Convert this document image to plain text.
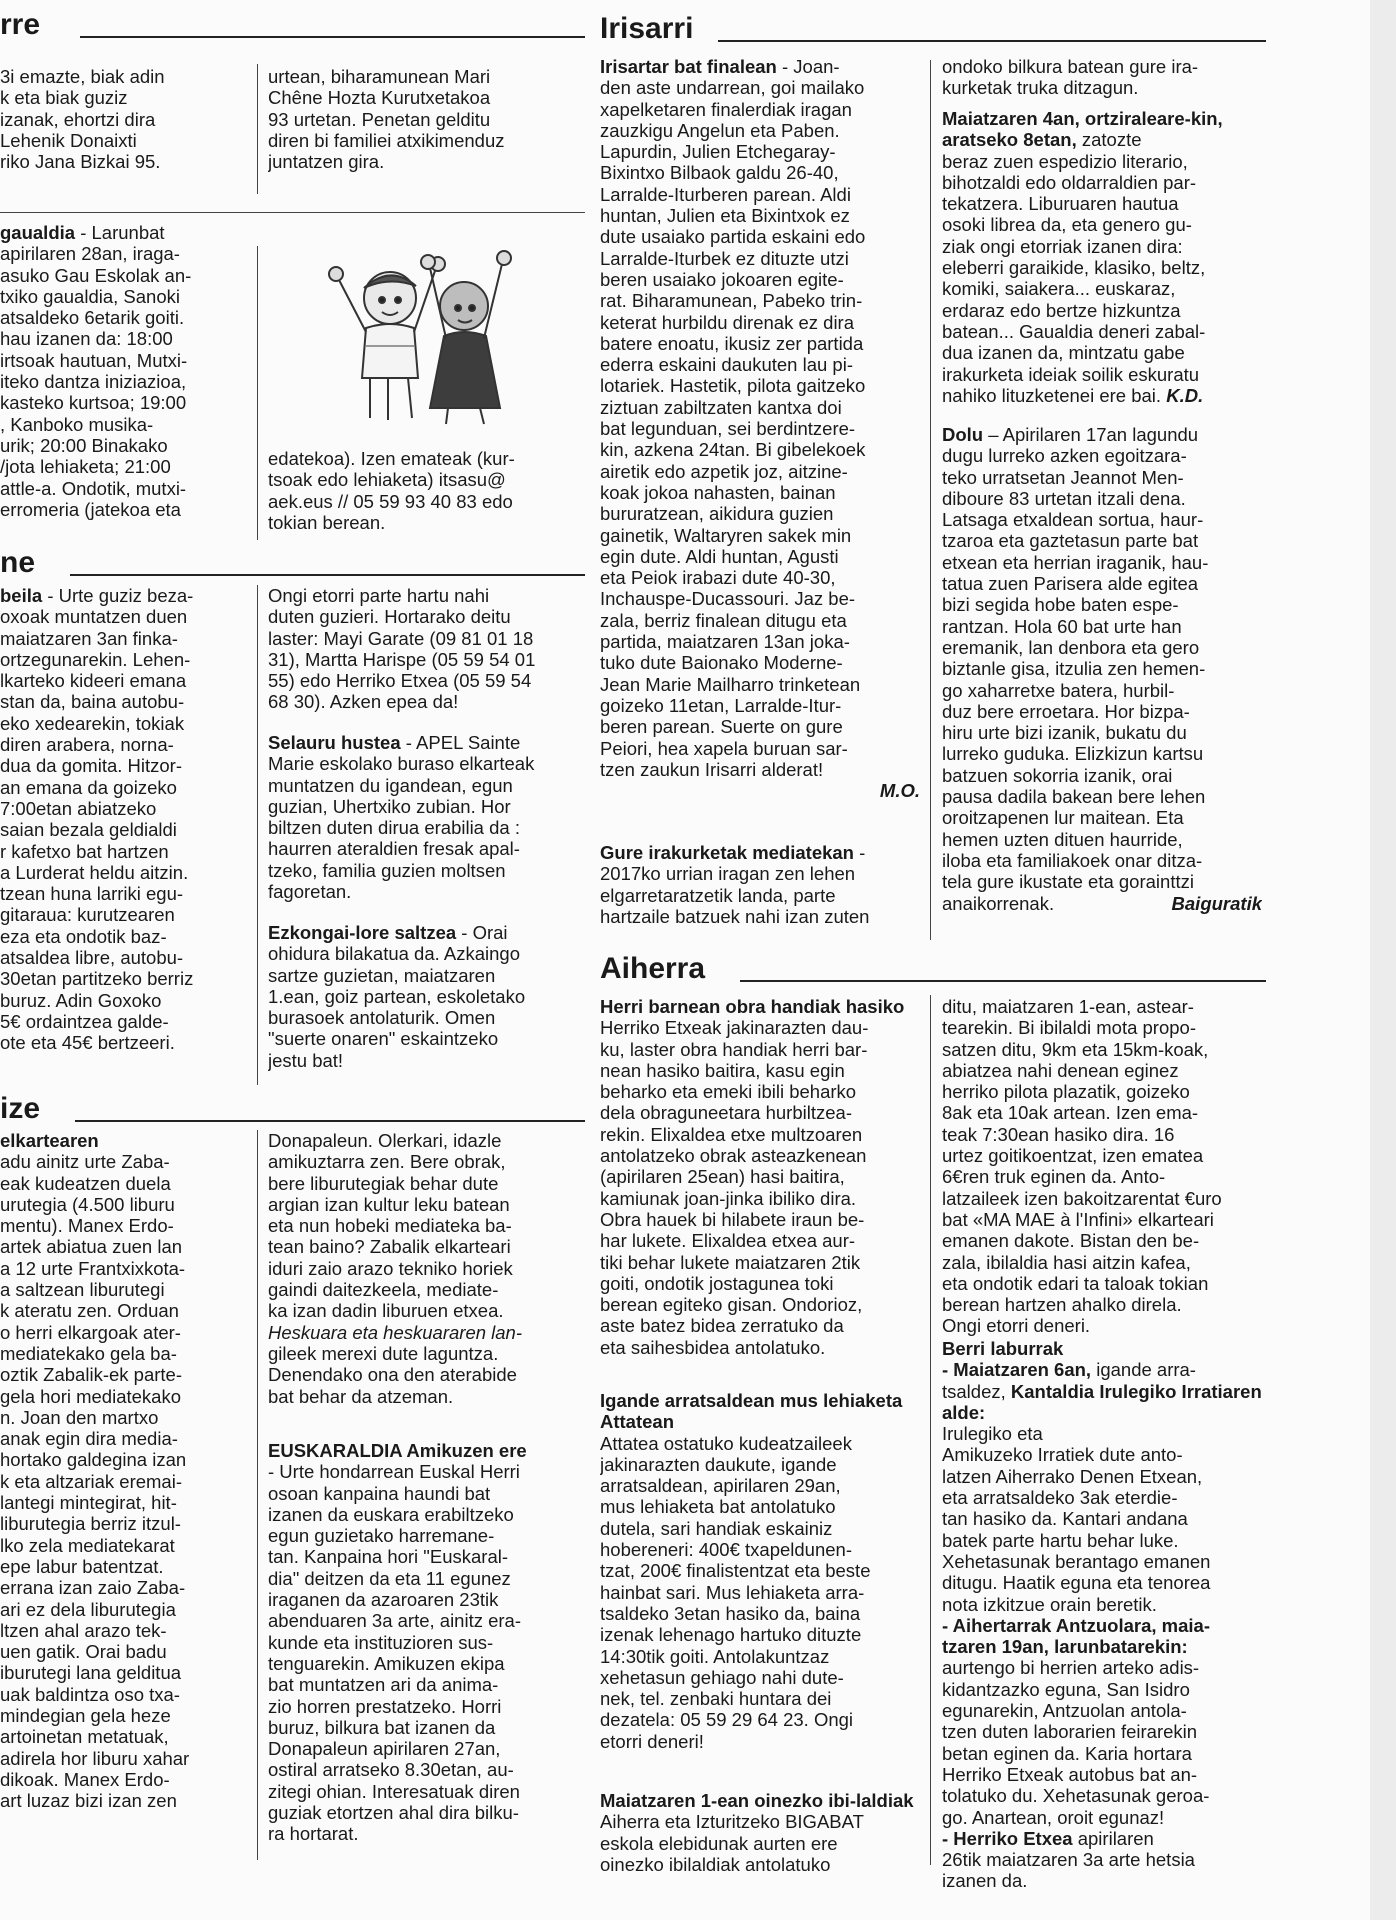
rre
ne
ize
Irisarri
Aiherra

3i emazte, biak adin

k eta biak guziz

izanak, ehortzi dira

Lehenik Donaixti

riko Jana Bizkai 95.

gaualdia - Larunbat
apirilaren 28an, iraga-
asuko Gau Eskolak an-
txiko gaualdia, Sanoki
atsaldeko 6etarik goiti.
hau izanen da: 18:00
irtsoak hautuan, Mutxi-
iteko dantza iniziazioa,
kasteko kurtsoa; 19:00
, Kanboko musika-
urik; 20:00 Binakako
/jota lehiaketa; 21:00
attle-a. Ondotik, mutxi-
erromeria (jatekoa eta
beila - Urte guziz beza-
oxoak muntatzen duen
maiatzaren 3an finka-
ortzegunarekin. Lehen-
lkarteko kideeri emana
stan da, baina autobu-
eko xedearekin, tokiak
diren arabera, norna-
dua da gomita. Hitzor-
an emana da goizeko
7:00etan abiatzeko
saian bezala geldialdi
r kafetxo bat hartzen
a Lurderat heldu aitzin.
tzean huna larriki egu-
gitaraua: kurutzearen
eza eta ondotik baz-
atsaldea libre, autobu-
30etan partitzeko berriz
buruz. Adin Goxoko
5€ ordaintzea galde-
ote eta 45€ bertzeeri.
elkartearen
adu ainitz urte Zaba-
eak kudeatzen duela
urutegia (4.500 liburu
mentu). Manex Erdo-
artek abiatua zuen lan
a 12 urte Frantxixkota-
a saltzean liburutegi
k ateratu zen. Orduan
o herri elkargoak ater-
mediatekako gela ba-
oztik Zabalik-ek parte-
gela hori mediatekako
n. Joan den martxo
anak egin dira media-
hortako galdegina izan
k eta altzariak eremai-
lantegi mintegirat, hit-
liburutegia berriz itzul-
lko zela mediatekarat
epe labur batentzat.
errana izan zaio Zaba-
ari ez dela liburutegia
ltzen ahal arazo tek-
uen gatik. Orai badu
iburutegi lana gelditua
uak baldintza oso txa-
mindegian gela heze
artoinetan metatuak,
adirela hor liburu xahar
dikoak. Manex Erdo-
art luzaz bizi izan zen
urtean, biharamunean Mari
Chêne Hozta Kurutxetakoa
93 urtetan. Penetan gelditu
diren bi familiei atxikimenduz
juntatzen gira.
edatekoa). Izen emateak (kur-
tsoak edo lehiaketa) itsasu@
aek.eus // 05 59 93 40 83 edo
tokian berean.
Ongi etorri parte hartu nahi
duten guzieri. Hortarako deitu
laster: Mayi Garate (09 81 01 18
31), Martta Harispe (05 59 54 01
55) edo Herriko Etxea (05 59 54
68 30). Azken epea da!
Selauru hustea - APEL Sainte
Marie eskolako buraso elkarteak
muntatzen du igandean, egun
guzian, Uhertxiko zubian. Hor
biltzen duten dirua erabilia da :
haurren ateraldien fresak apal-
tzeko, familia guzien moltsen
fagoretan.
Ezkongai-lore saltzea - Orai
ohidura bilakatua da. Azkaingo
sartze guzietan, maiatzaren
1.ean, goiz partean, eskoletako
burasoek antolaturik. Omen
"suerte onaren" eskaintzeko
jestu bat!
Donapaleun. Olerkari, idazle
amikuztarra zen. Bere obrak,
bere liburutegiak behar dute
argian izan kultur leku batean
eta nun hobeki mediateka ba-
tean baino? Zabalik elkarteari
iduri zaio arazo tekniko horiek
gaindi daitezkeela, mediate-
ka izan dadin liburuen etxea.
Heskuara eta heskuararen lan-
gileek merexi dute laguntza.
Denendako ona den aterabide
bat behar da atzeman.
EUSKARALDIA Amikuzen ere
- Urte hondarrean Euskal Herri
osoan kanpaina haundi bat
izanen da euskara erabiltzeko
egun guzietako harremane-
tan. Kanpaina hori "Euskaral-
dia" deitzen da eta 11 egunez
iraganen da azaroaren 23tik
abenduaren 3a arte, ainitz era-
kunde eta instituzioren sus-
tenguarekin. Amikuzen ekipa
bat muntatzen ari da anima-
zio horren prestatzeko. Horri
buruz, bilkura bat izanen da
Donapaleun apirilaren 27an,
ostiral arratseko 8.30etan, au-
zitegi ohian. Interesatuak diren
guziak etortzen ahal dira bilku-
ra hortarat.
Irisartar bat finalean - Joan-
den aste undarrean, goi mailako
xapelketaren finalerdiak iragan
zauzkigu Angelun eta Paben.
Lapurdin, Julien Etchegaray-
Bixintxo Bilbaok galdu 26-40,
Larralde-Iturberen parean. Aldi
huntan, Julien eta Bixintxok ez
dute usaiako partida eskaini edo
Larralde-Iturbek ez dituzte utzi
beren usaiako jokoaren egite-
rat. Biharamunean, Pabeko trin-
keterat hurbildu direnak ez dira
batere enoatu, ikusiz zer partida
ederra eskaini daukuten lau pi-
lotariek. Hastetik, pilota gaitzeko
ziztuan zabiltzaten kantxa doi
bat legunduan, sei berdintzere-
kin, azkena 24tan. Bi gibelekoek
airetik edo azpetik joz, aitzine-
koak jokoa nahasten, bainan
bururatzean, aikidura guzien
gainetik, Waltaryren sakek min
egin dute. Aldi huntan, Agusti
eta Peiok irabazi dute 40-30,
Inchauspe-Ducassouri. Jaz be-
zala, berriz finalean ditugu eta
partida, maiatzaren 13an joka-
tuko dute Baionako Moderne-
Jean Marie Mailharro trinketean
goizeko 11etan, Larralde-Itur-
beren parean. Suerte on gure
Peiori, hea xapela buruan sar-
tzen zaukun Irisarri alderat!
M.O.
Gure irakurketak mediatekan -
2017ko urrian iragan zen lehen
elgarretaratzetik landa, parte
hartzaile batzuek nahi izan zuten
Herri barnean obra handiak hasiko
Herriko Etxeak jakinarazten dau-
ku, laster obra handiak herri bar-
nean hasiko baitira, kasu egin
beharko eta emeki ibili beharko
dela obraguneetara hurbiltzea-
rekin. Elixaldea etxe multzoaren
antolatzeko obrak asteazkenean
(apirilaren 25ean) hasi baitira,
kamiunak joan-jinka ibiliko dira.
Obra hauek bi hilabete iraun be-
har lukete. Elixaldea etxea aur-
tiki behar lukete maiatzaren 2tik
goiti, ondotik jostagunea toki
berean egiteko gisan. Ondorioz,
aste batez bidea zerratuko da
eta saihesbidea antolatuko.
Igande arratsaldean mus lehiaketa Attatean
Attatea ostatuko kudeatzaileek
jakinarazten daukute, igande
arratsaldean, apirilaren 29an,
mus lehiaketa bat antolatuko
dutela, sari handiak eskainiz
hobereneri: 400€ txapeldunen-
tzat, 200€ finalistentzat eta beste
hainbat sari. Mus lehiaketa arra-
tsaldeko 3etan hasiko da, baina
izenak lehenago hartuko dituzte
14:30tik goiti. Antolakuntzaz
xehetasun gehiago nahi dute-
nek, tel. zenbaki huntara dei
dezatela: 05 59 29 64 23. Ongi
etorri deneri!
Maiatzaren 1-ean oinezko ibi-laldiak
Aiherra eta Izturitzeko BIGABAT
eskola elebidunak aurten ere
oinezko ibilaldiak antolatuko
ondoko bilkura batean gure ira-
kurketak truka ditzagun.
Maiatzaren 4an, ortziraleare-kin, aratseko 8etan, zatozte
beraz zuen espedizio literario,
bihotzaldi edo oldarraldien par-
tekatzera. Liburuaren hautua
osoki librea da, eta genero gu-
ziak ongi etorriak izanen dira:
eleberri garaikide, klasiko, beltz,
komiki, saiakera... euskaraz,
erdaraz edo bertze hizkuntza
batean... Gaualdia deneri zabal-
dua izanen da, mintzatu gabe
irakurketa ideiak soilik eskuratu
nahiko lituzketenei ere bai. K.D.
Dolu – Apirilaren 17an lagundu
dugu lurreko azken egoitzara-
teko urratsetan Jeannot Men-
diboure 83 urtetan itzali dena.
Latsaga etxaldean sortua, haur-
tzaroa eta gaztetasun parte bat
etxean eta herrian iraganik, hau-
tatua zuen Parisera alde egitea
bizi segida hobe baten espe-
rantzan. Hola 60 bat urte han
eremanik, lan denbora eta gero
biztanle gisa, itzulia zen hemen-
go xaharretxe batera, hurbil-
duz bere erroetara. Hor bizpa-
hiru urte bizi izanik, bukatu du
lurreko guduka. Elizkizun kartsu
batzuen sokorria izanik, orai
pausa dadila bakean bere lehen
oroitzapenen lur maitean. Eta
hemen uzten dituen haurride,
iloba eta familiakoek onar ditza-
tela gure ikustate eta gorainttzi
anaikorrenak.	Baiguratik
ditu, maiatzaren 1-ean, astear-
tearekin. Bi ibilaldi mota propo-
satzen ditu, 9km eta 15km-koak,
abiatzea nahi denean eginez
herriko pilota plazatik, goizeko
8ak eta 10ak artean. Izen ema-
teak 7:30ean hasiko dira. 16
urtez goitikoentzat, izen ematea
6€ren truk eginen da. Anto-
latzaileek izen bakoitzarentat €uro
bat «MA MAE à l'Infini» elkarteari
emanen dakote. Bistan den be-
zala, ibilaldia hasi aitzin kafea,
eta ondotik edari ta taloak tokian
berean hartzen ahalko direla.
Ongi etorri deneri.
Berri laburrak
- Maiatzaren 6an, igande arra-
tsaldez, Kantaldia Irulegiko Irratiaren alde:
Irulegiko eta
Amikuzeko Irratiek dute anto-
latzen Aiherrako Denen Etxean,
eta arratsaldeko 3ak eterdie-
tan hasiko da. Kantari andana
batek parte hartu behar luke.
Xehetasunak berantago emanen
ditugu. Haatik eguna eta tenorea
nota izkitzue orain beretik.
- Aihertarrak Antzuolara, maia-tzaren 19an, larunbatarekin:
aurtengo bi herrien arteko adis-
kidantzazko eguna, San Isidro
egunarekin, Antzuolan antola-
tzen duten laborarien feirarekin
betan eginen da. Karia hortara
Herriko Etxeak autobus bat an-
tolatuko du. Xehetasunak geroa-
go. Anartean, oroit egunaz!
- Herriko Etxea apirilaren
26tik maiatzaren 3a arte hetsia
izanen da.
